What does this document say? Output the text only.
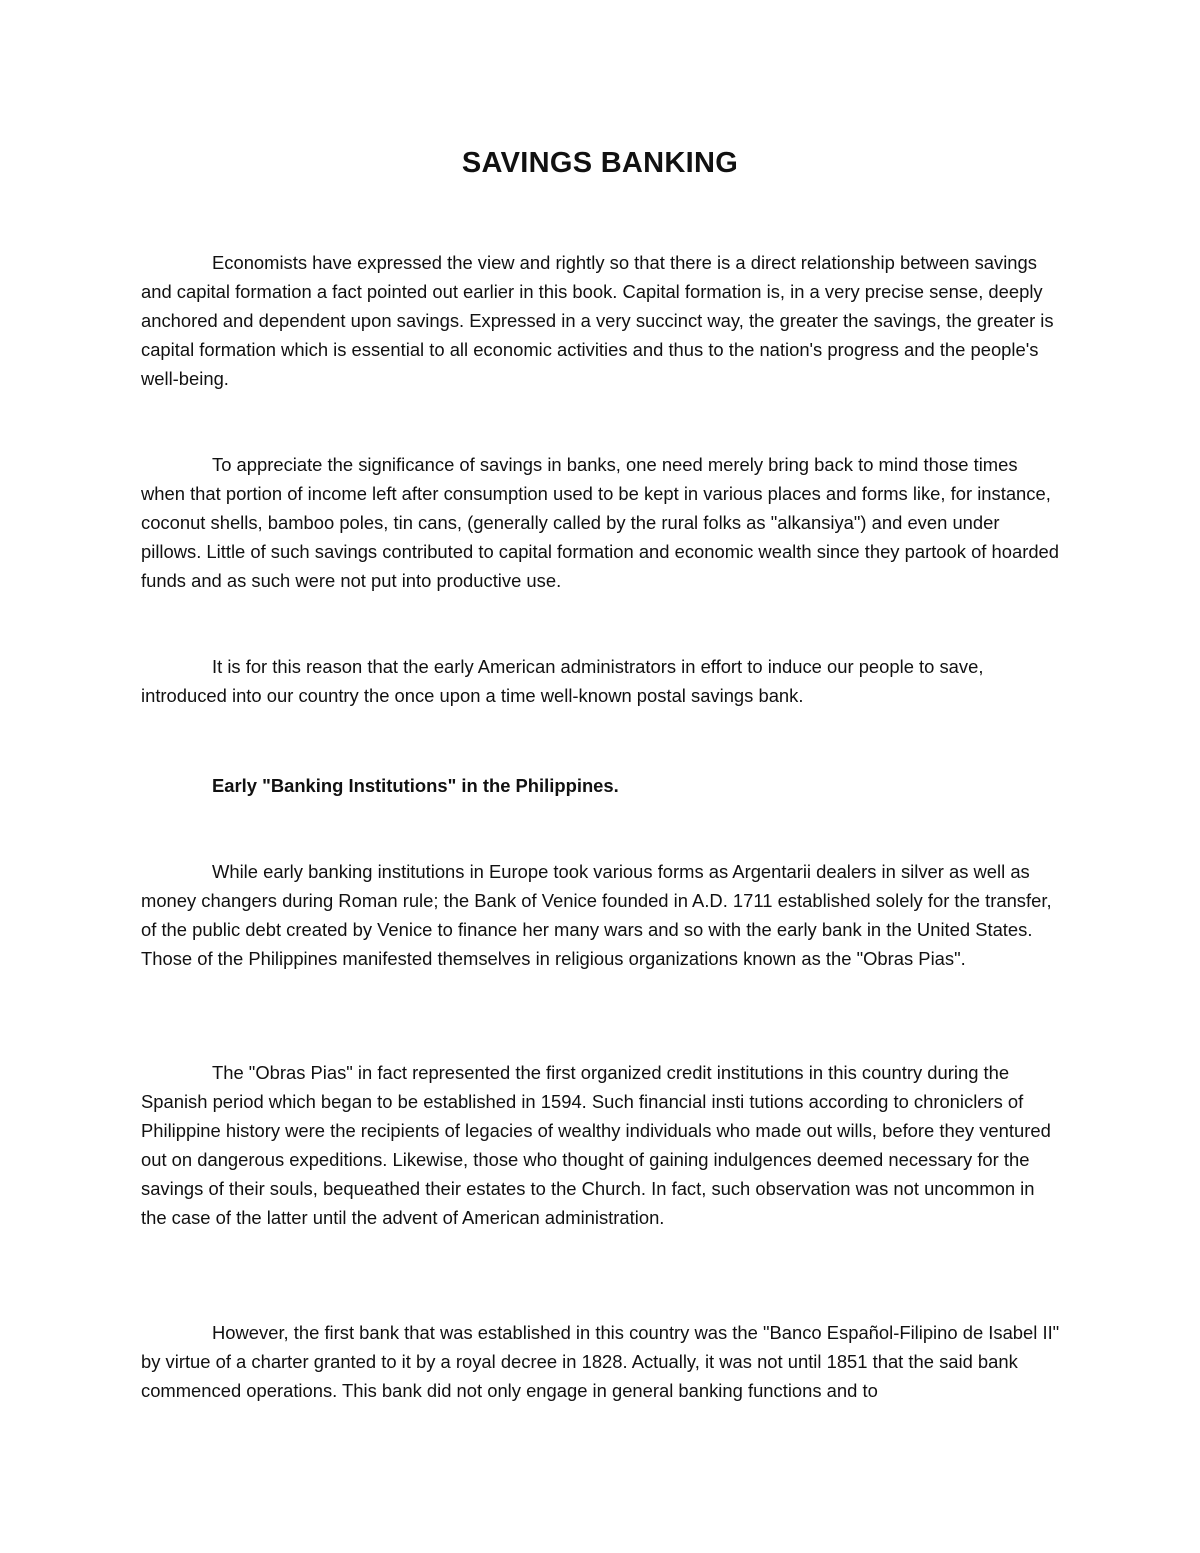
SAVINGS BANKING

Economists have expressed the view and rightly so that there is a direct relationship between savings and capital formation a fact pointed out earlier in this book. Capital formation is, in a very precise sense, deeply anchored and dependent upon savings. Expressed in a very succinct way, the greater the savings, the greater is capital formation which is essential to all economic activities and thus to the nation's progress and the people's well-being.

To appreciate the significance of savings in banks, one need merely bring back to mind those times when that portion of income left after consumption used to be kept in various places and forms like, for instance, coconut shells, bamboo poles, tin cans, (generally called by the rural folks as "alkansiya") and even under pillows. Little of such savings contributed to capital formation and economic wealth since they partook of hoarded funds and as such were not put into productive use.

It is for this reason that the early American administrators in effort to induce our people to save, introduced into our country the once upon a time well-known postal savings bank.

Early "Banking Institutions" in the Philippines.

While early banking institutions in Europe took various forms as Argentarii dealers in silver as well as money changers during Roman rule; the Bank of Venice founded in A.D. 1711 established solely for the transfer, of the public debt created by Venice to finance her many wars and so with the early bank in the United States. Those of the Philippines manifested themselves in religious organizations known as the "Obras Pias".

The "Obras Pias" in fact represented the first organized credit institutions in this country during the Spanish period which began to be established in 1594. Such financial insti tutions according to chroniclers of Philippine history were the recipients of legacies of wealthy individuals who made out wills, before they ventured out on dangerous expeditions. Likewise, those who thought of gaining indulgences deemed necessary for the savings of their souls, bequeathed their estates to the Church. In fact, such observation was not uncommon in the case of the latter until the advent of American administration.

However, the first bank that was established in this country was the "Banco Español-Filipino de Isabel II" by virtue of a charter granted to it by a royal decree in 1828. Actually, it was not until 1851 that the said bank commenced operations. This bank did not only engage in general banking functions and to
